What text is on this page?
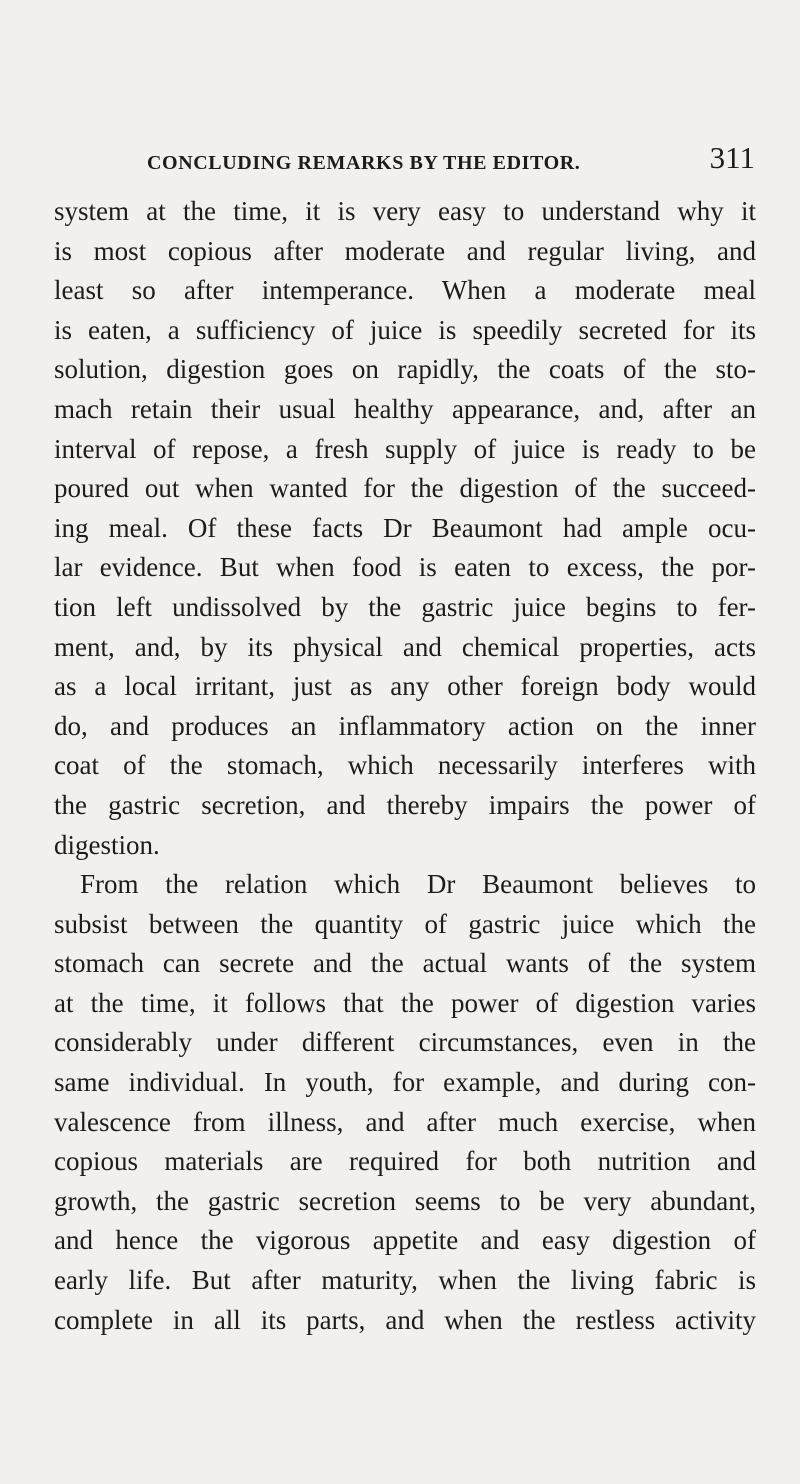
CONCLUDING REMARKS BY THE EDITOR.	311
system at the time, it is very easy to understand why it
is most copious after moderate and regular living, and
least so after intemperance. When a moderate meal
is eaten, a sufficiency of juice is speedily secreted for its
solution, digestion goes on rapidly, the coats of the sto-
mach retain their usual healthy appearance, and, after an
interval of repose, a fresh supply of juice is ready to be
poured out when wanted for the digestion of the succeed-
ing meal. Of these facts Dr Beaumont had ample ocu-
lar evidence. But when food is eaten to excess, the por-
tion left undissolved by the gastric juice begins to fer-
ment, and, by its physical and chemical properties, acts
as a local irritant, just as any other foreign body would
do, and produces an inflammatory action on the inner
coat of the stomach, which necessarily interferes with
the gastric secretion, and thereby impairs the power of
digestion.
From the relation which Dr Beaumont believes to
subsist between the quantity of gastric juice which the
stomach can secrete and the actual wants of the system
at the time, it follows that the power of digestion varies
considerably under different circumstances, even in the
same individual. In youth, for example, and during con-
valescence from illness, and after much exercise, when
copious materials are required for both nutrition and
growth, the gastric secretion seems to be very abundant,
and hence the vigorous appetite and easy digestion of
early life. But after maturity, when the living fabric is
complete in all its parts, and when the restless activity
